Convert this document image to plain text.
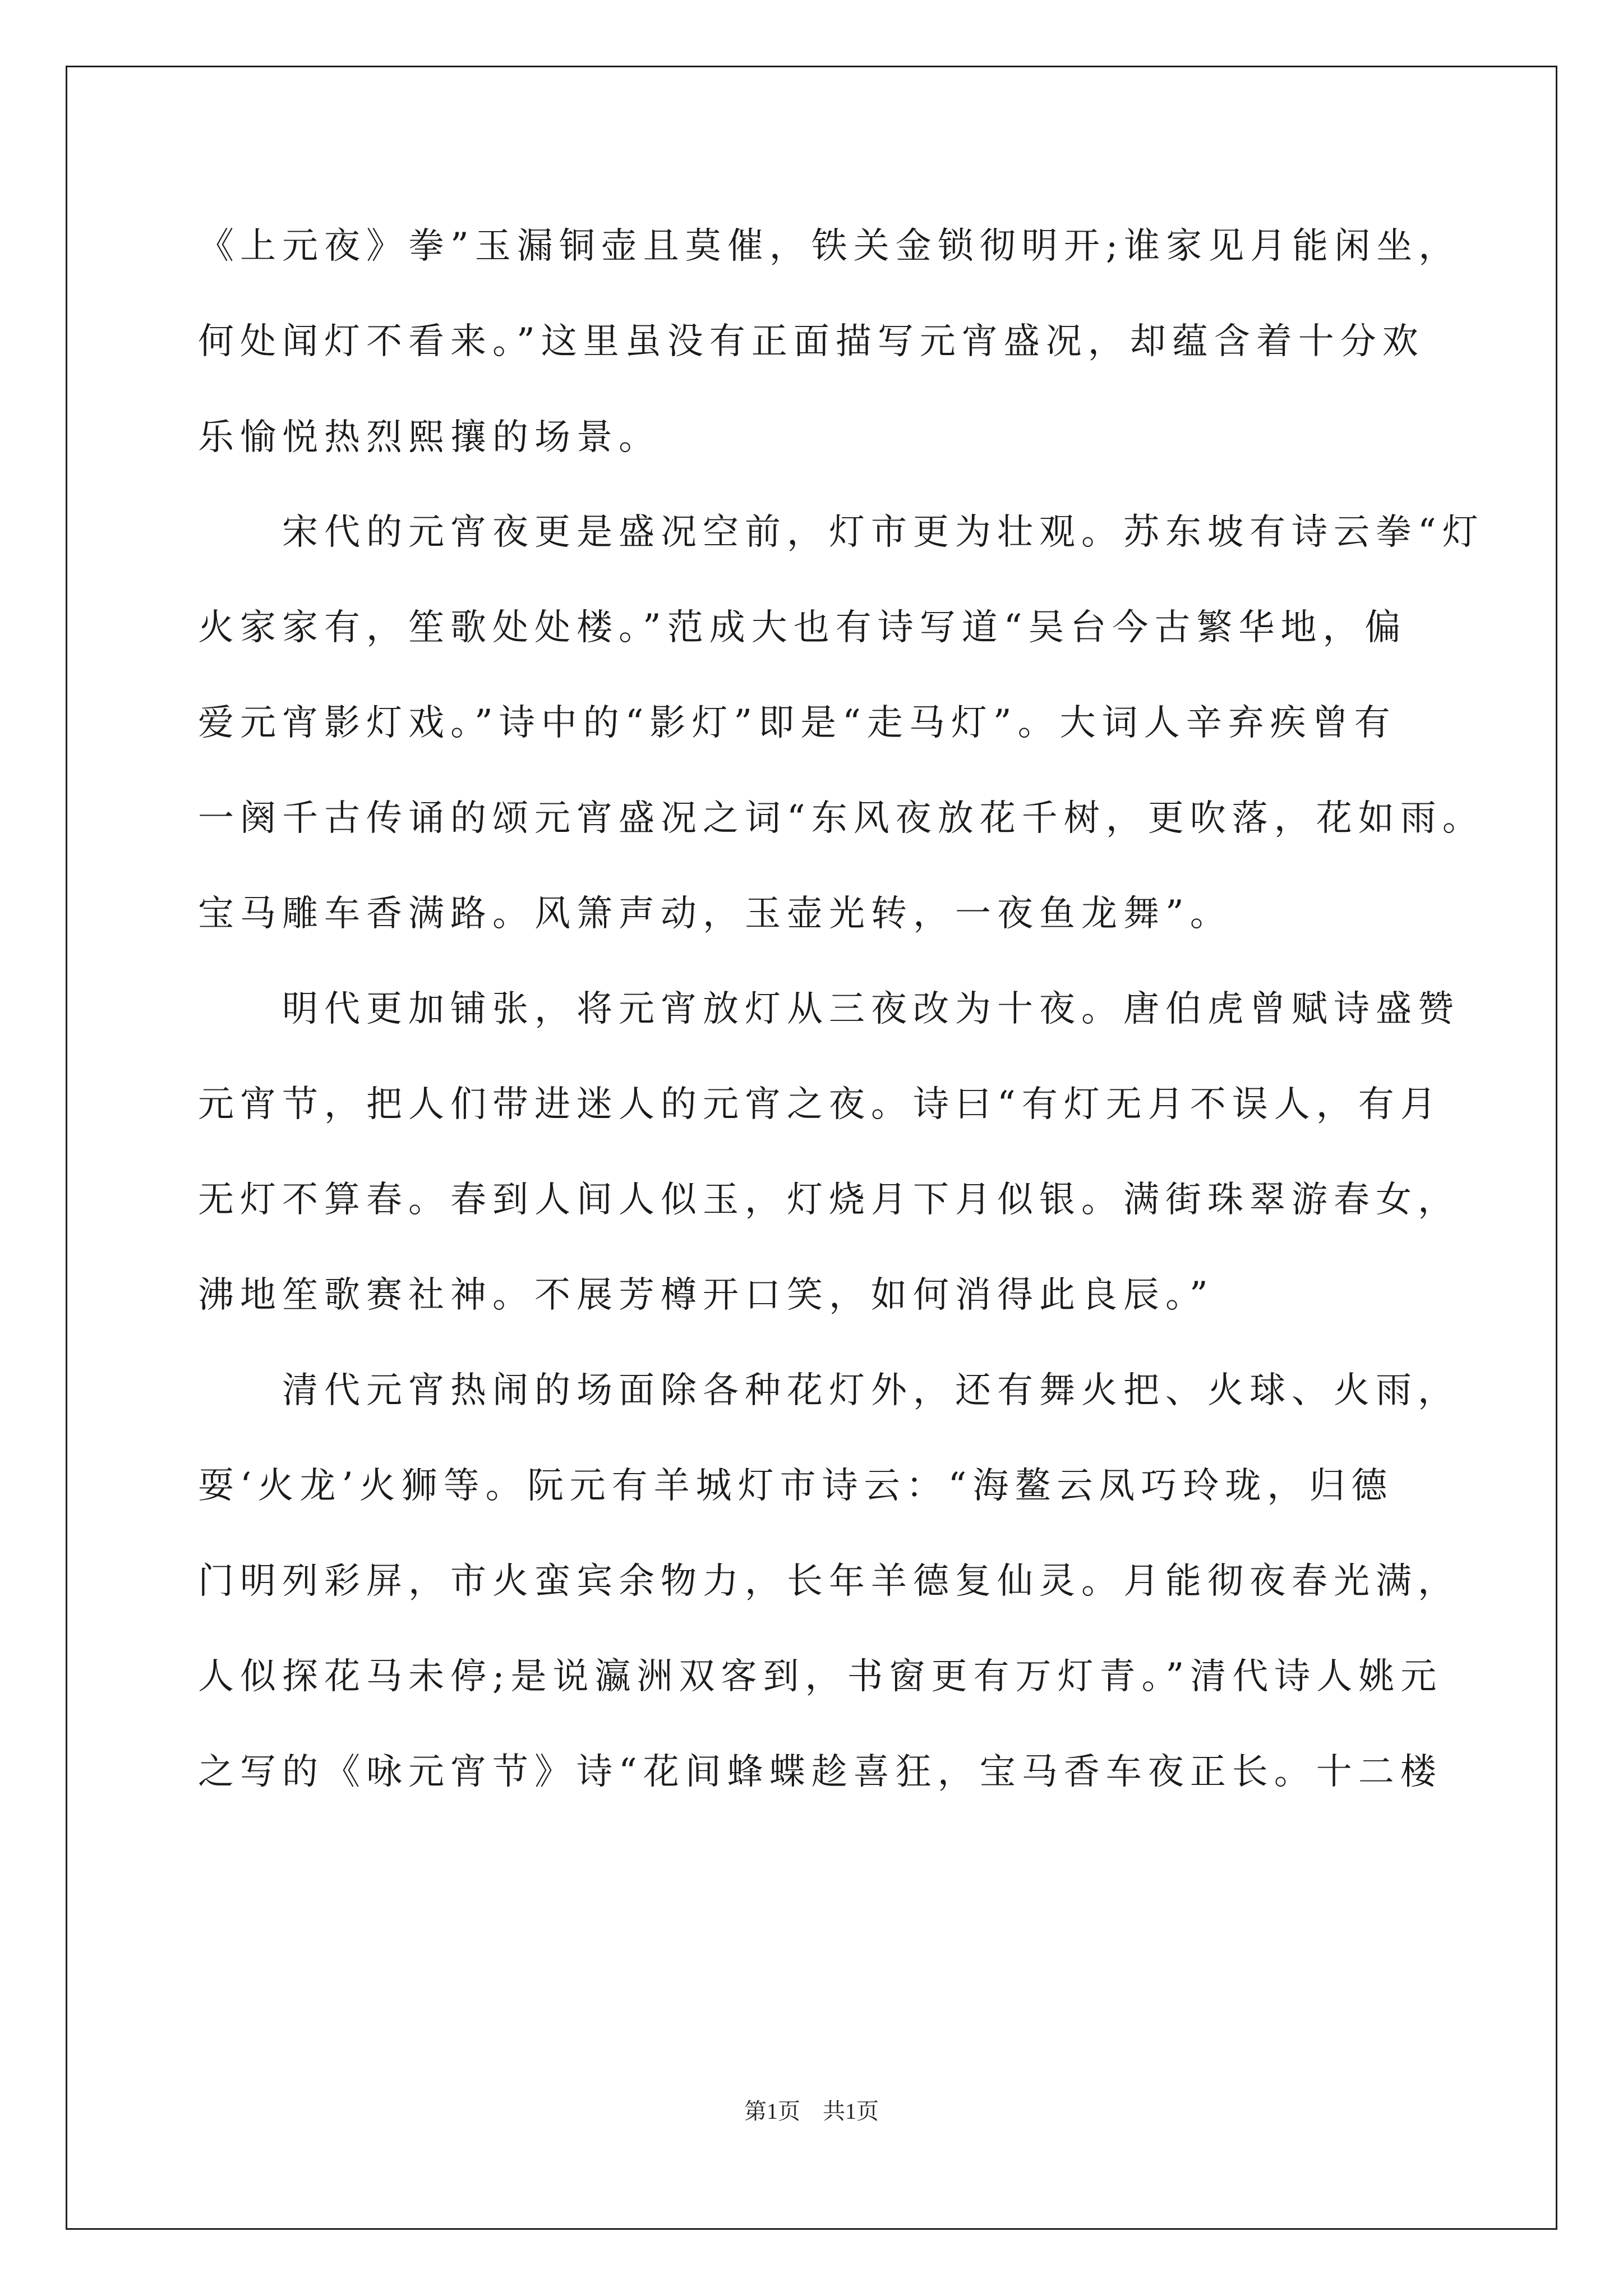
《上元夜》拳”玉漏铜壶且莫催，铁关金锁彻明开;谁家见月能闲坐，
何处闻灯不看来。”这里虽没有正面描写元宵盛况，却蕴含着十分欢
乐愉悦热烈熙攘的场景。
　　宋代的元宵夜更是盛况空前，灯市更为壮观。苏东坡有诗云拳“灯
火家家有，笙歌处处楼。”范成大也有诗写道“吴台今古繁华地，偏
爱元宵影灯戏。”诗中的“影灯”即是“走马灯”。大词人辛弃疾曾有
一阕千古传诵的颂元宵盛况之词“东风夜放花千树，更吹落，花如雨。
宝马雕车香满路。风箫声动，玉壶光转，一夜鱼龙舞”。
　　明代更加铺张，将元宵放灯从三夜改为十夜。唐伯虎曾赋诗盛赞
元宵节，把人们带进迷人的元宵之夜。诗曰“有灯无月不误人，有月
无灯不算春。春到人间人似玉，灯烧月下月似银。满街珠翠游春女，
沸地笙歌赛社神。不展芳樽开口笑，如何消得此良辰。”
　　清代元宵热闹的场面除各种花灯外，还有舞火把、火球、火雨，
耍‘火龙’火狮等。阮元有羊城灯市诗云：“海鳌云凤巧玲珑，归德
门明列彩屏，市火蛮宾余物力，长年羊德复仙灵。月能彻夜春光满，
人似探花马未停;是说瀛洲双客到，书窗更有万灯青。”清代诗人姚元
之写的《咏元宵节》诗“花间蜂蝶趁喜狂，宝马香车夜正长。十二楼
第1页　共1页
